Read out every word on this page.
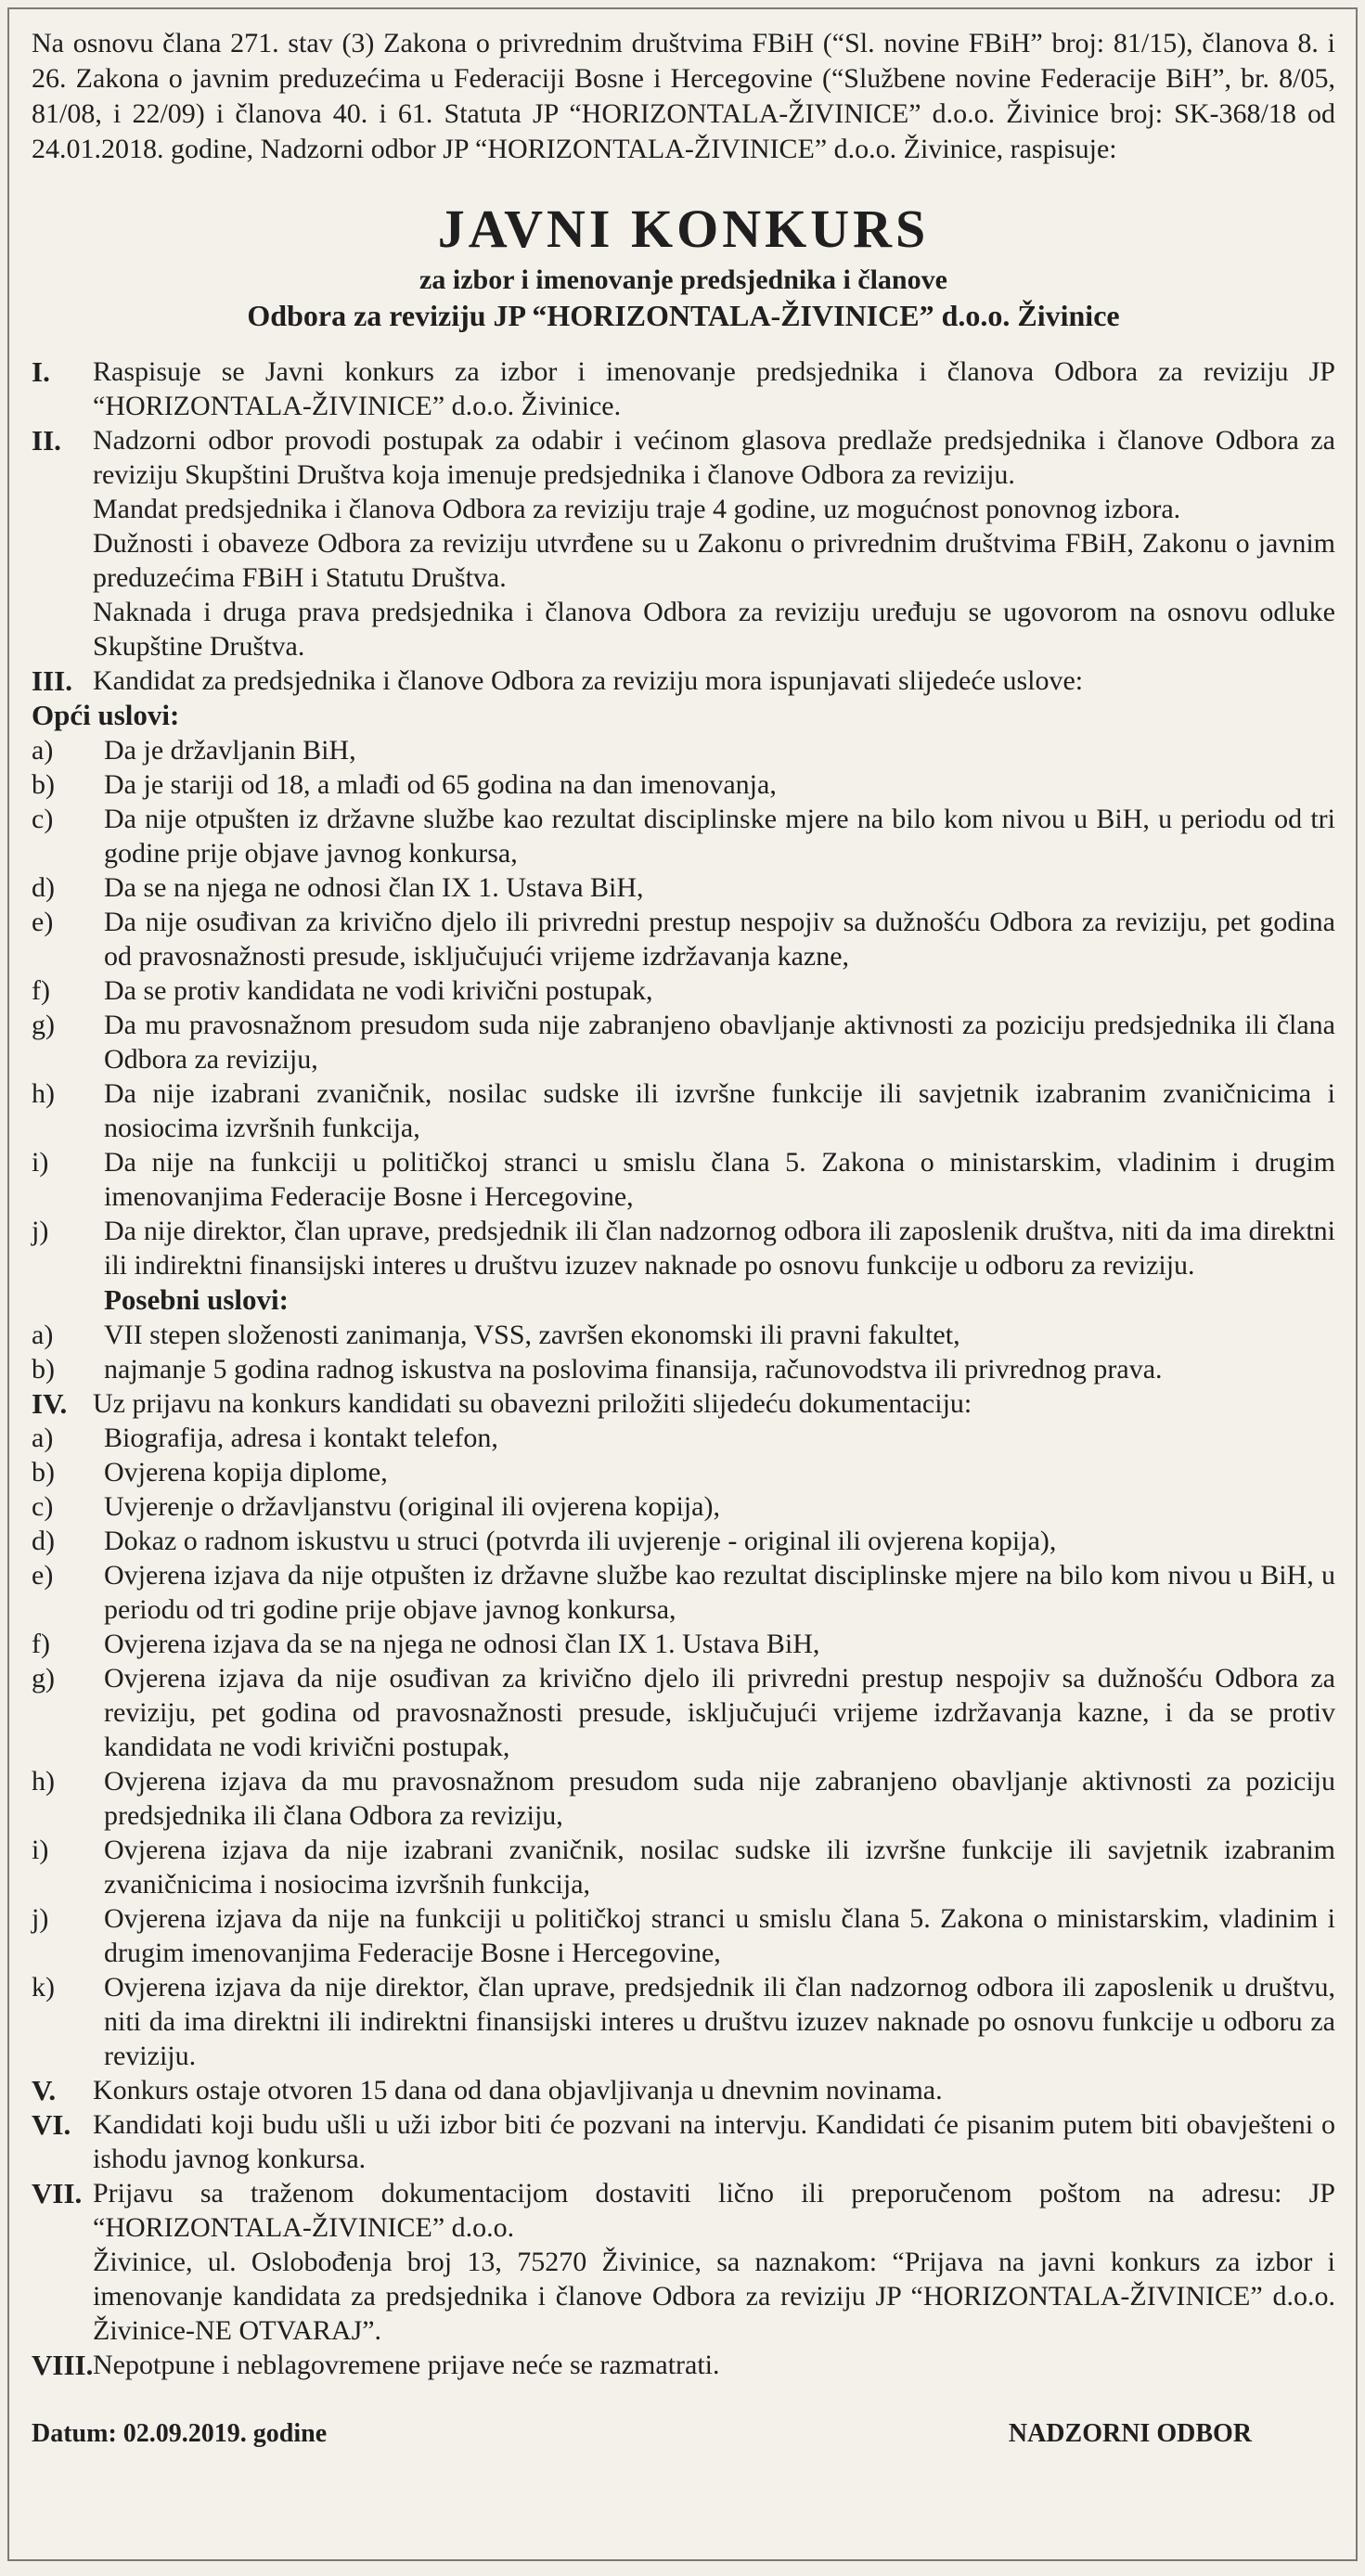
Na osnovu člana 271. stav (3) Zakona o privrednim društvima FBiH (“Sl. novine FBiH” broj: 81/15), članova 8. i 26. Zakona o javnim preduzećima u Federaciji Bosne i Hercegovine (“Službene novine Federacije BiH”, br. 8/05, 81/08, i 22/09) i članova 40. i 61. Statuta JP “HORIZONTALA-ŽIVINICE” d.o.o. Živinice broj: SK-368/18 od 24.01.2018. godine, Nadzorni odbor JP “HORIZONTALA-ŽIVINICE” d.o.o. Živinice, raspisuje:

JAVNI KONKURS
za izbor i imenovanje predsjednika i članove
Odbora za reviziju JP “HORIZONTALA-ŽIVINICE” d.o.o. Živinice
I.	Raspisuje se Javni konkurs za izbor i imenovanje predsjednika i članova Odbora za reviziju JP “HORIZONTALA-ŽIVINICE” d.o.o. Živinice.

II.	Nadzorni odbor provodi postupak za odabir i većinom glasova predlaže predsjednika i članove Odbora za reviziju Skupštini Društva koja imenuje predsjednika i članove Odbora za reviziju.

Mandat predsjednika i članova Odbora za reviziju traje 4 godine, uz mogućnost ponovnog izbora.

Dužnosti i obaveze Odbora za reviziju utvrđene su u Zakonu o privrednim društvima FBiH, Zakonu o javnim preduzećima FBiH i Statutu Društva.

Naknada i druga prava predsjednika i članova Odbora za reviziju uređuju se ugovorom na osnovu odluke Skupštine Društva.

III. Kandidat za predsjednika i članove Odbora za reviziju mora ispunjavati slijedeće uslove:

Opći uslovi:
a)	Da je državljanin BiH,
b)	Da je stariji od 18, a mlađi od 65 godina na dan imenovanja,
c)	Da nije otpušten iz državne službe kao rezultat disciplinske mjere na bilo kom nivou u BiH, u periodu od tri godine prije objave javnog konkursa,
d)	Da se na njega ne odnosi član IX 1. Ustava BiH,
e)	Da nije osuđivan za krivično djelo ili privredni prestup nespojiv sa dužnošću Odbora za reviziju, pet godina od pravosnažnosti presude, isključujući vrijeme izdržavanja kazne,
f)	Da se protiv kandidata ne vodi krivični postupak,
g)	Da mu pravosnažnom presudom suda nije zabranjeno obavljanje aktivnosti za poziciju predsjednika ili člana Odbora za reviziju,
h)	Da nije izabrani zvaničnik, nosilac sudske ili izvršne funkcije ili savjetnik izabranim zvaničnicima i nosiocima izvršnih funkcija,
i)	Da nije na funkciji u političkoj stranci u smislu člana 5. Zakona o ministarskim, vladinim i drugim imenovanjima Federacije Bosne i Hercegovine,
j)	Da nije direktor, član uprave, predsjednik ili član nadzornog odbora ili zaposlenik društva, niti da ima direktni ili indirektni finansijski interes u društvu izuzev naknade po osnovu funkcije u odboru za reviziju.
Posebni uslovi:
a)	VII stepen složenosti zanimanja, VSS, završen ekonomski ili pravni fakultet,
b)	najmanje 5 godina radnog iskustva na poslovima finansija, računovodstva ili privrednog prava.
IV. Uz prijavu na konkurs kandidati su obavezni priložiti slijedeću dokumentaciju:

a)	Biografija, adresa i kontakt telefon,
b)	Ovjerena kopija diplome,
c)	Uvjerenje o državljanstvu (original ili ovjerena kopija),
d)	Dokaz o radnom iskustvu u struci (potvrda ili uvjerenje - original ili ovjerena kopija),
e)	Ovjerena izjava da nije otpušten iz državne službe kao rezultat disciplinske mjere na bilo kom nivou u BiH, u periodu od tri godine prije objave javnog konkursa,
f)	Ovjerena izjava da se na njega ne odnosi član IX 1. Ustava BiH,
g)	Ovjerena izjava da nije osuđivan za krivično djelo ili privredni prestup nespojiv sa dužnošću Odbora za reviziju, pet godina od pravosnažnosti presude, isključujući vrijeme izdržavanja kazne, i da se protiv kandidata ne vodi krivični postupak,
h)	Ovjerena izjava da mu pravosnažnom presudom suda nije zabranjeno obavljanje aktivnosti za poziciju predsjednika ili člana Odbora za reviziju,
i)	Ovjerena izjava da nije izabrani zvaničnik, nosilac sudske ili izvršne funkcije ili savjetnik izabranim zvaničnicima i nosiocima izvršnih funkcija,
j)	Ovjerena izjava da nije na funkciji u političkoj stranci u smislu člana 5. Zakona o ministarskim, vladinim i drugim imenovanjima Federacije Bosne i Hercegovine,
k)	Ovjerena izjava da nije direktor, član uprave, predsjednik ili član nadzornog odbora ili zaposlenik u društvu, niti da ima direktni ili indirektni finansijski interes u društvu izuzev naknade po osnovu funkcije u odboru za reviziju.
V.	Konkurs ostaje otvoren 15 dana od dana objavljivanja u dnevnim novinama.

VI. Kandidati koji budu ušli u uži izbor biti će pozvani na intervju. Kandidati će pisanim putem biti obavješteni o ishodu javnog konkursa.

VII. Prijavu sa traženom dokumentacijom dostaviti lično ili preporučenom poštom na adresu: JP “HORIZONTALA-ŽIVINICE” d.o.o.

Živinice, ul. Oslobođenja broj 13, 75270 Živinice, sa naznakom: “Prijava na javni konkurs za izbor i imenovanje kandidata za predsjednika i članove Odbora za reviziju JP “HORIZONTALA-ŽIVINICE” d.o.o. Živinice-NE OTVARAJ”.

VIII. Nepotpune i neblagovremene prijave neće se razmatrati.

Datum: 02.09.2019. godine	NADZORNI ODBOR
